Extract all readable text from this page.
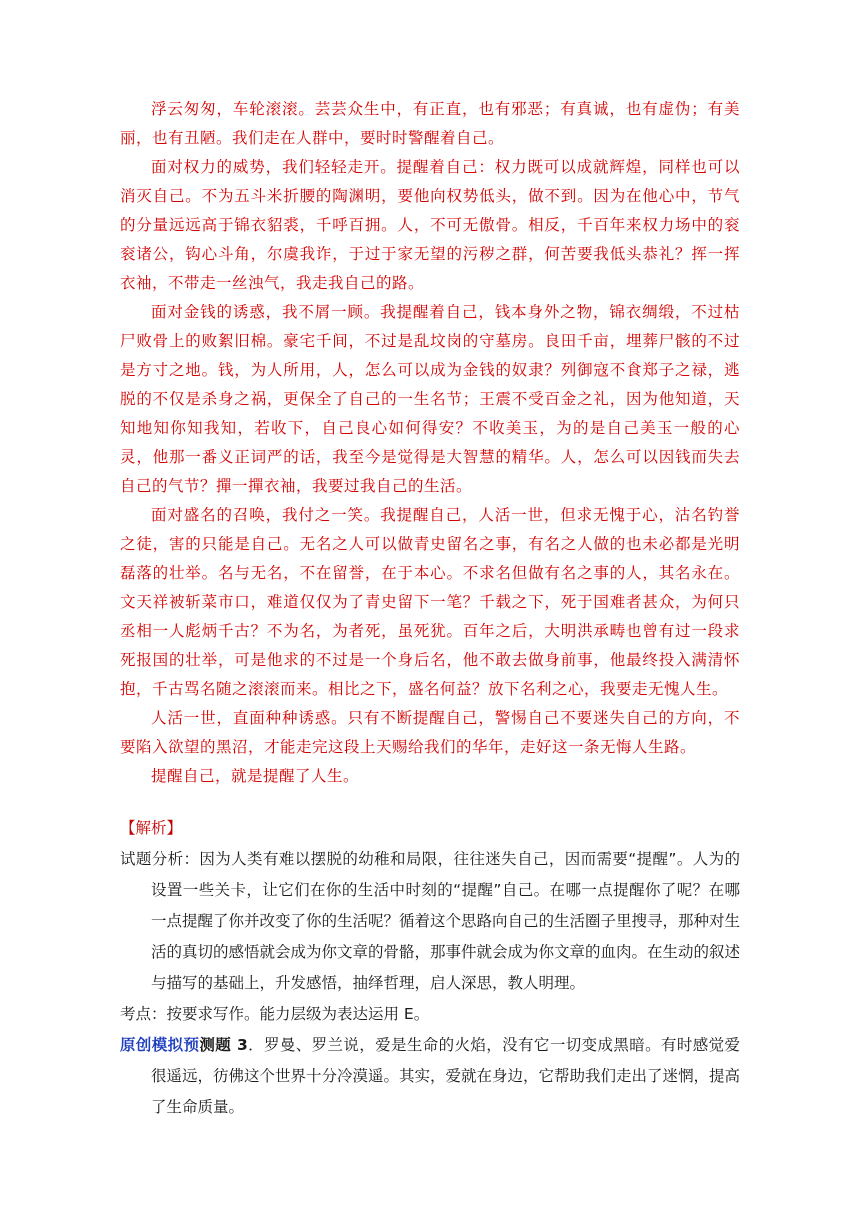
浮云匆匆，车轮滚滚。芸芸众生中，有正直，也有邪恶；有真诚，也有虚伪；有美丽，也有丑陋。我们走在人群中，要时时警醒着自己。

面对权力的威势，我们轻轻走开。提醒着自己：权力既可以成就辉煌，同样也可以消灭自己。不为五斗米折腰的陶渊明，要他向权势低头，做不到。因为在他心中，节气的分量远远高于锦衣貂裘，千呼百拥。人，不可无傲骨。相反，千百年来权力场中的衮衮诸公，钩心斗角，尔虞我诈，于过于家无望的污秽之群，何苦要我低头恭礼？挥一挥衣袖，不带走一丝浊气，我走我自己的路。

面对金钱的诱惑，我不屑一顾。我提醒着自己，钱本身外之物，锦衣绸缎，不过枯尸败骨上的败絮旧棉。豪宅千间，不过是乱坟岗的守墓房。良田千亩，埋葬尸骸的不过是方寸之地。钱，为人所用，人，怎么可以成为金钱的奴隶？列御寇不食郑子之禄，逃脱的不仅是杀身之祸，更保全了自己的一生名节；王震不受百金之礼，因为他知道，天知地知你知我知，若收下，自己良心如何得安？不收美玉，为的是自己美玉一般的心灵，他那一番义正词严的话，我至今是觉得是大智慧的精华。人，怎么可以因钱而失去自己的气节？撣一撣衣袖，我要过我自己的生活。

面对盛名的召唤，我付之一笑。我提醒自己，人活一世，但求无愧于心，沽名钓誉之徒，害的只能是自己。无名之人可以做青史留名之事，有名之人做的也未必都是光明磊落的壮举。名与无名，不在留誉，在于本心。不求名但做有名之事的人，其名永在。文天祥被斩菜市口，难道仅仅为了青史留下一笔？千载之下，死于国难者甚众，为何只丞相一人彪炳千古？不为名，为者死，虽死犹。百年之后，大明洪承畴也曾有过一段求死报国的壮举，可是他求的不过是一个身后名，他不敢去做身前事，他最终投入满清怀抱，千古骂名随之滚滚而来。相比之下，盛名何益？放下名利之心，我要走无愧人生。

人活一世，直面种种诱惑。只有不断提醒自己，警惕自己不要迷失自己的方向，不要陷入欲望的黑沼，才能走完这段上天赐给我们的华年，走好这一条无悔人生路。

提醒自己，就是提醒了人生。

【解析】

试题分析：因为人类有难以摆脱的幼稚和局限，往往迷失自己，因而需要“提醒”。人为的设置一些关卡，让它们在你的生活中时刻的“提醒”自己。在哪一点提醒你了呢？在哪一点提醒了你并改变了你的生活呢？循着这个思路向自己的生活圈子里搜寻，那种对生活的真切的感悟就会成为你文章的骨骼，那事件就会成为你文章的血肉。在生动的叙述与描写的基础上，升发感悟，抽绎哲理，启人深思，教人明理。

考点：按要求写作。能力层级为表达运用 E。

原创模拟预测题 3．罗曼、罗兰说，爱是生命的火焰，没有它一切变成黑暗。有时感觉爱很遥远，彷佛这个世界十分冷漠遥。其实，爱就在身边，它帮助我们走出了迷惘，提高了生命质量。
